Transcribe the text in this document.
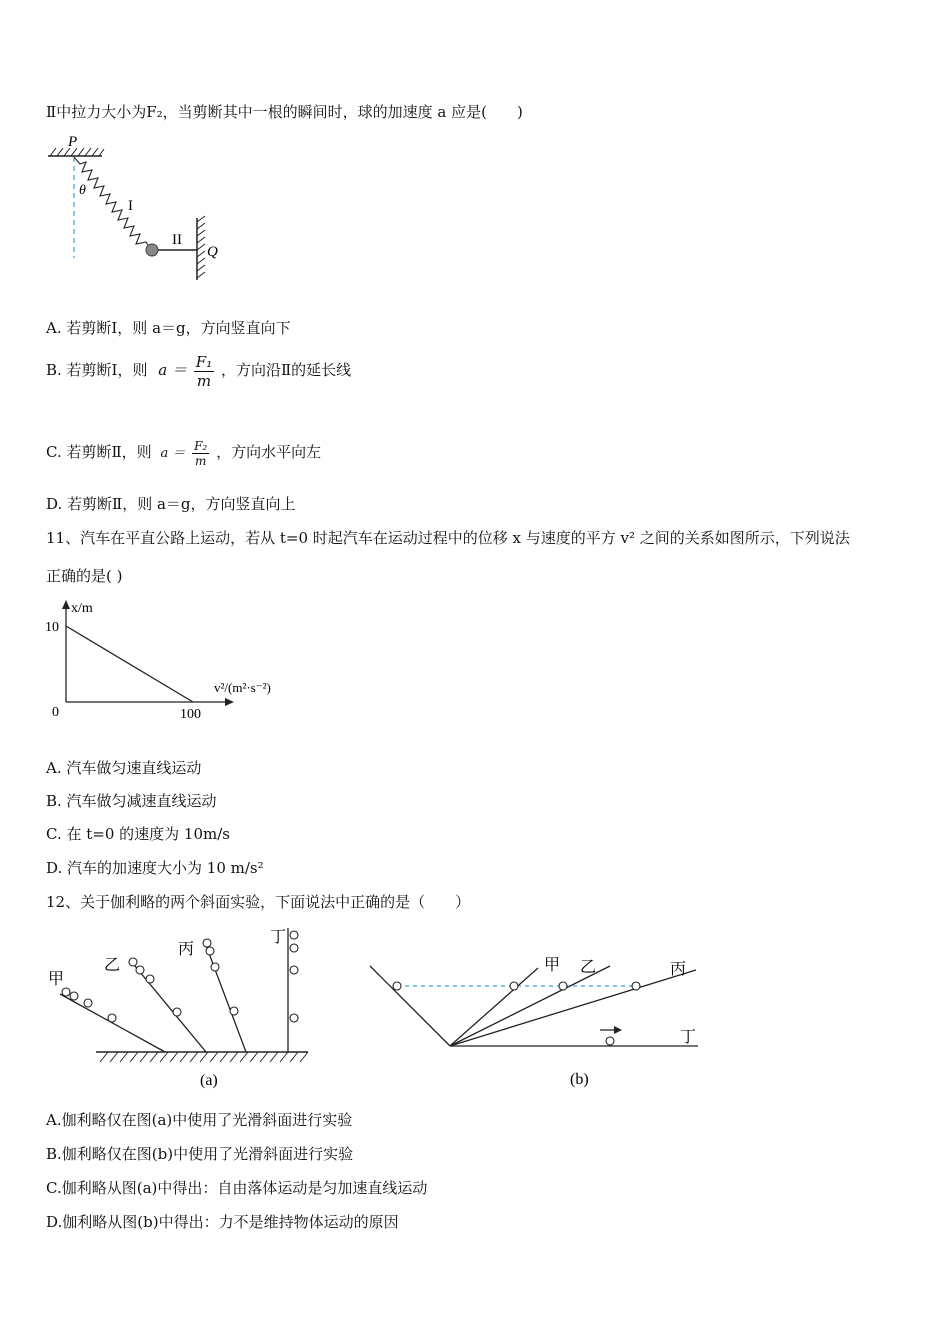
Ⅱ中拉力大小为F₂，当剪断其中一根的瞬间时，球的加速度 a 应是(　　)
P
θ
I
II
Q
A. 若剪断Ⅰ，则 a＝g，方向竖直向下
B. 若剪断Ⅰ，则 $a = \frac{\text{F₁}}{m}$ ，方向沿Ⅱ的延长线
C. 若剪断Ⅱ，则 $a = \frac{\text{F₂}}{m}$ ，方向水平向左
D. 若剪断Ⅱ，则 a＝g，方向竖直向上
11、汽车在平直公路上运动，若从 t=0 时起汽车在运动过程中的位移 x 与速度的平方 v² 之间的关系如图所示，下列说法
正确的是( )
x/m
10
0	100
v²/(m²·s⁻²)
A. 汽车做匀速直线运动
B. 汽车做匀减速直线运动
C. 在 t=0 的速度为 10m/s
D. 汽车的加速度大小为 10 m/s²
12、关于伽利略的两个斜面实验，下面说法中正确的是（　　）
甲
乙
丙
丁
(a)
甲 乙	丙
丁
(b)
A.伽利略仅在图(a)中使用了光滑斜面进行实验
B.伽利略仅在图(b)中使用了光滑斜面进行实验
C.伽利略从图(a)中得出：自由落体运动是匀加速直线运动
D.伽利略从图(b)中得出：力不是维持物体运动的原因
